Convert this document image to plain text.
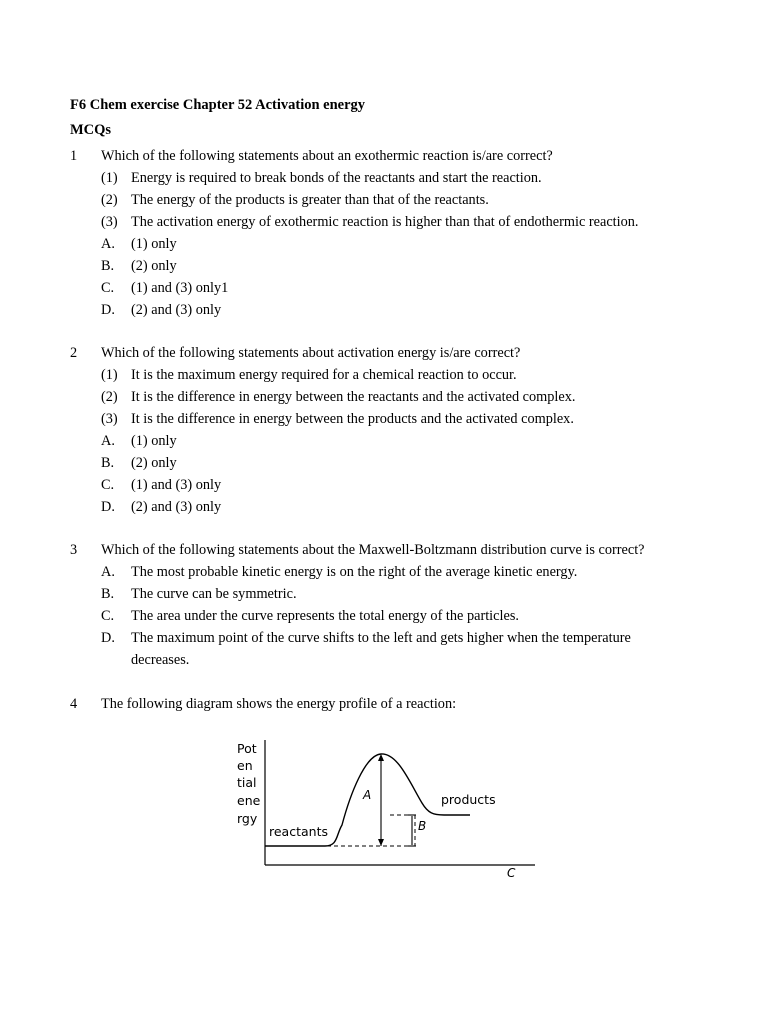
F6 Chem exercise Chapter 52 Activation energy
MCQs
1 Which of the following statements about an exothermic reaction is/are correct?
(1) Energy is required to break bonds of the reactants and start the reaction.
(2) The energy of the products is greater than that of the reactants.
(3) The activation energy of exothermic reaction is higher than that of endothermic reaction.
A. (1) only
B. (2) only
C. (1) and (3) only1
D. (2) and (3) only
2 Which of the following statements about activation energy is/are correct?
(1) It is the maximum energy required for a chemical reaction to occur.
(2) It is the difference in energy between the reactants and the activated complex.
(3) It is the difference in energy between the products and the activated complex.
A. (1) only
B. (2) only
C. (1) and (3) only
D. (2) and (3) only
3 Which of the following statements about the Maxwell-Boltzmann distribution curve is correct?
A. The most probable kinetic energy is on the right of the average kinetic energy.
B. The curve can be symmetric.
C. The area under the curve represents the total energy of the particles.
D. The maximum point of the curve shifts to the left and gets higher when the temperature
decreases.
4 The following diagram shows the energy profile of a reaction:
Pot
en
tial
ene
rgy
reactants
products
A
B
C
